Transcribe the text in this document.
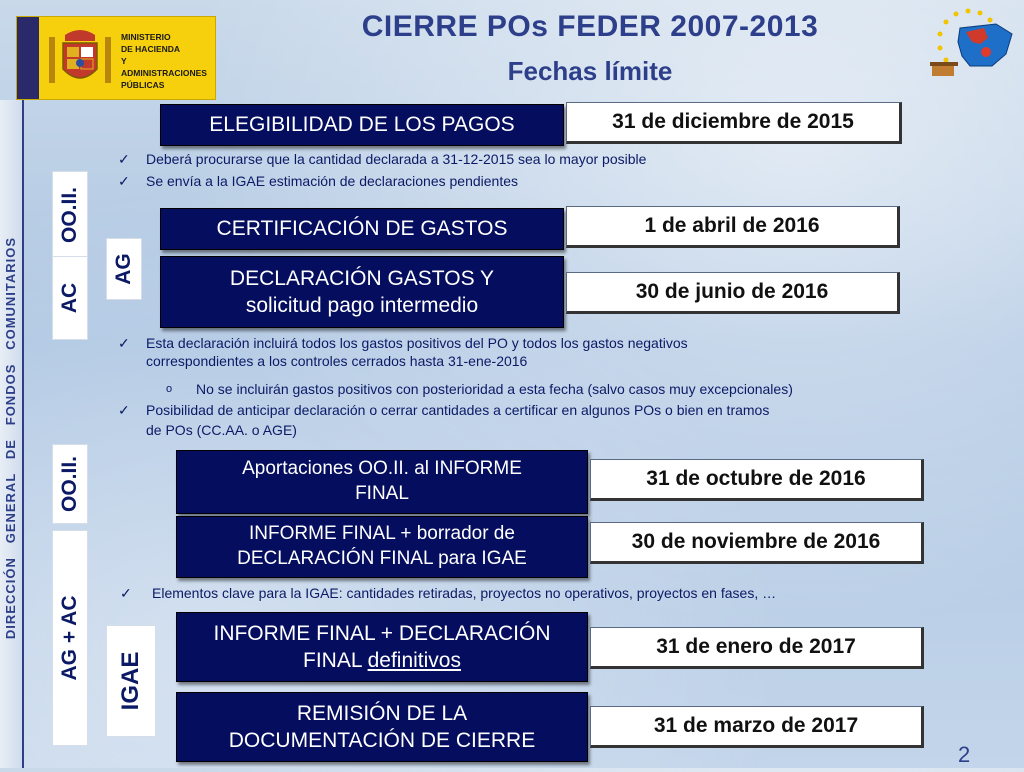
MINISTERIO
DE HACIENDA
Y ADMINISTRACIONES
PÚBLICAS
CIERRE POs FEDER 2007-2013
Fechas límite
DIRECCIÓN   GENERAL   DE   FONDOS   COMUNITARIOS
OO.II.
AC
AG
OO.II.
AG + AC
IGAE
ELEGIBILIDAD DE LOS PAGOS	31 de diciembre de 2015
✓ Deberá procurarse que la cantidad declarada a 31-12-2015 sea lo mayor posible
✓ Se envía a la IGAE estimación de declaraciones pendientes
CERTIFICACIÓN DE GASTOS	1 de abril de 2016
DECLARACIÓN GASTOS Y
solicitud pago intermedio
30 de junio de 2016
✓ Esta declaración incluirá todos los gastos positivos del PO y todos los gastos negativos
correspondientes a los controles cerrados hasta 31-ene-2016
o No se incluirán gastos positivos con posterioridad a esta fecha (salvo casos muy excepcionales)
✓ Posibilidad de anticipar declaración o cerrar cantidades a certificar en algunos POs o bien en tramos
de POs (CC.AA. o AGE)
Aportaciones OO.II. al INFORME
FINAL
31 de octubre de 2016
INFORME FINAL + borrador de
DECLARACIÓN FINAL para IGAE
30 de noviembre de 2016
✓ Elementos clave para la IGAE: cantidades retiradas, proyectos no operativos, proyectos en fases, …
INFORME FINAL + DECLARACIÓN
FINAL definitivos
31 de enero de 2017
REMISIÓN DE LA
DOCUMENTACIÓN DE CIERRE
31 de marzo de 2017
2
